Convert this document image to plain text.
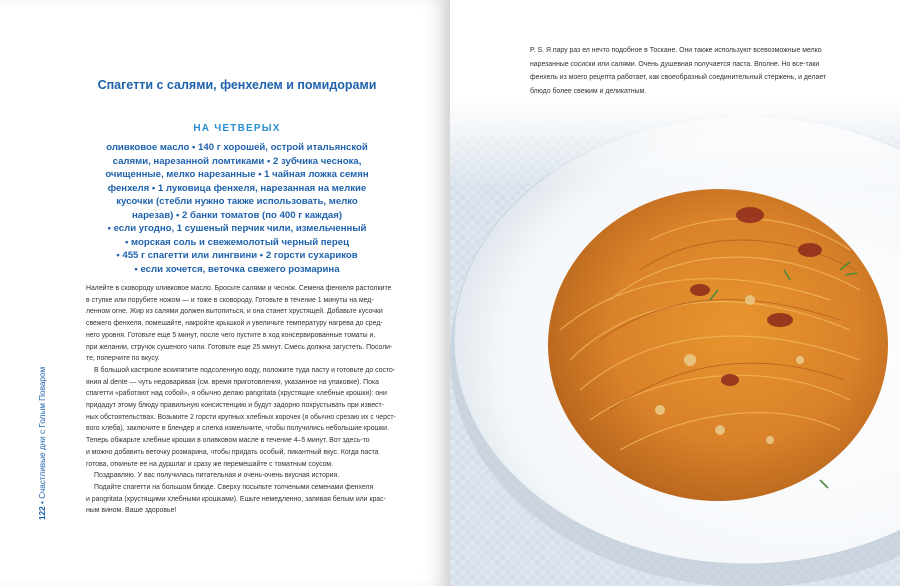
Спагетти с салями, фенхелем и помидорами
НА ЧЕТВЕРЫХ
оливковое масло • 140 г хорошей, острой итальянской
салями, нарезанной ломтиками • 2 зубчика чеснока,
очищенные, мелко нарезанные • 1 чайная ложка семян
фенхеля • 1 луковица фенхеля, нарезанная на мелкие
кусочки (стебли нужно также использовать, мелко
нарезав) • 2 банки томатов (по 400 г каждая)
• если угодно, 1 сушеный перчик чили, измельченный
• морская соль и свежемолотый черный перец
• 455 г спагетти или лингвини • 2 горсти сухариков
• если хочется, веточка свежего розмарина
Налейте в сковороду оливковое масло. Бросьте салями и чеснок. Семена фенхеля растолките
в ступке или порубите ножом — и тоже в сковороду. Готовьте в течение 1 минуты на мед-
ленном огне. Жир из салями должен вытопиться, и она станет хрустящей. Добавьте кусочки
свежего фенхеля, помешайте, накройте крышкой и увеличьте температуру нагрева до сред-
него уровня. Готовьте еще 5 минут, после чего пустите в ход консервированные томаты и,
при желании, стручок сушеного чили. Готовьте еще 25 минут. Смесь должна загустеть. Посоли-
те, поперчите по вкусу.
В большой кастрюле вскипятите подсоленную воду, положите туда пасту и готовьте до состо-
яния al dente — чуть недоваривая (см. время приготовления, указанное на упаковке). Пока
спагетти «работают над собой», я обычно делаю pangritata (хрустящие хлебные крошки): они
придадут этому блюду правильную консистенцию и будут задорно похрустывать при извест-
ных обстоятельствах. Возьмите 2 горсти крупных хлебных корочек (я обычно срезаю их с черст-
вого хлеба), заключите в блендер и слегка измельчите, чтобы получились небольшие крошки.
Теперь обжарьте хлебные крошки в оливковом масле в течение 4–5 минут. Вот здесь-то
и можно добавить веточку розмарина, чтобы придать особый, пикантный вкус. Когда паста
готова, откиньте ее на дуршлаг и сразу же перемешайте с томатным соусом.
Поздравляю. У вас получилась питательная и очень-очень вкусная история.
Подайте спагетти на большом блюде. Сверху посыпьте толчеными семенами фенхеля
и pangritata (хрустящими хлебными крошками). Ешьте немедленно, запивая белым или крас-
ным вином. Ваше здоровье!
122 • Счастливые дни с Голым Поваром
P. S. Я пару раз ел нечто подобное в Тоскане. Они также используют всевозможные мелко
нарезанные сосиски или салями. Очень душевная получается паста. Вполне. Но все-таки
фенхель из моего рецепта работает, как своеобразный соединительный стержень, и делает
блюдо более свежим и деликатным.
